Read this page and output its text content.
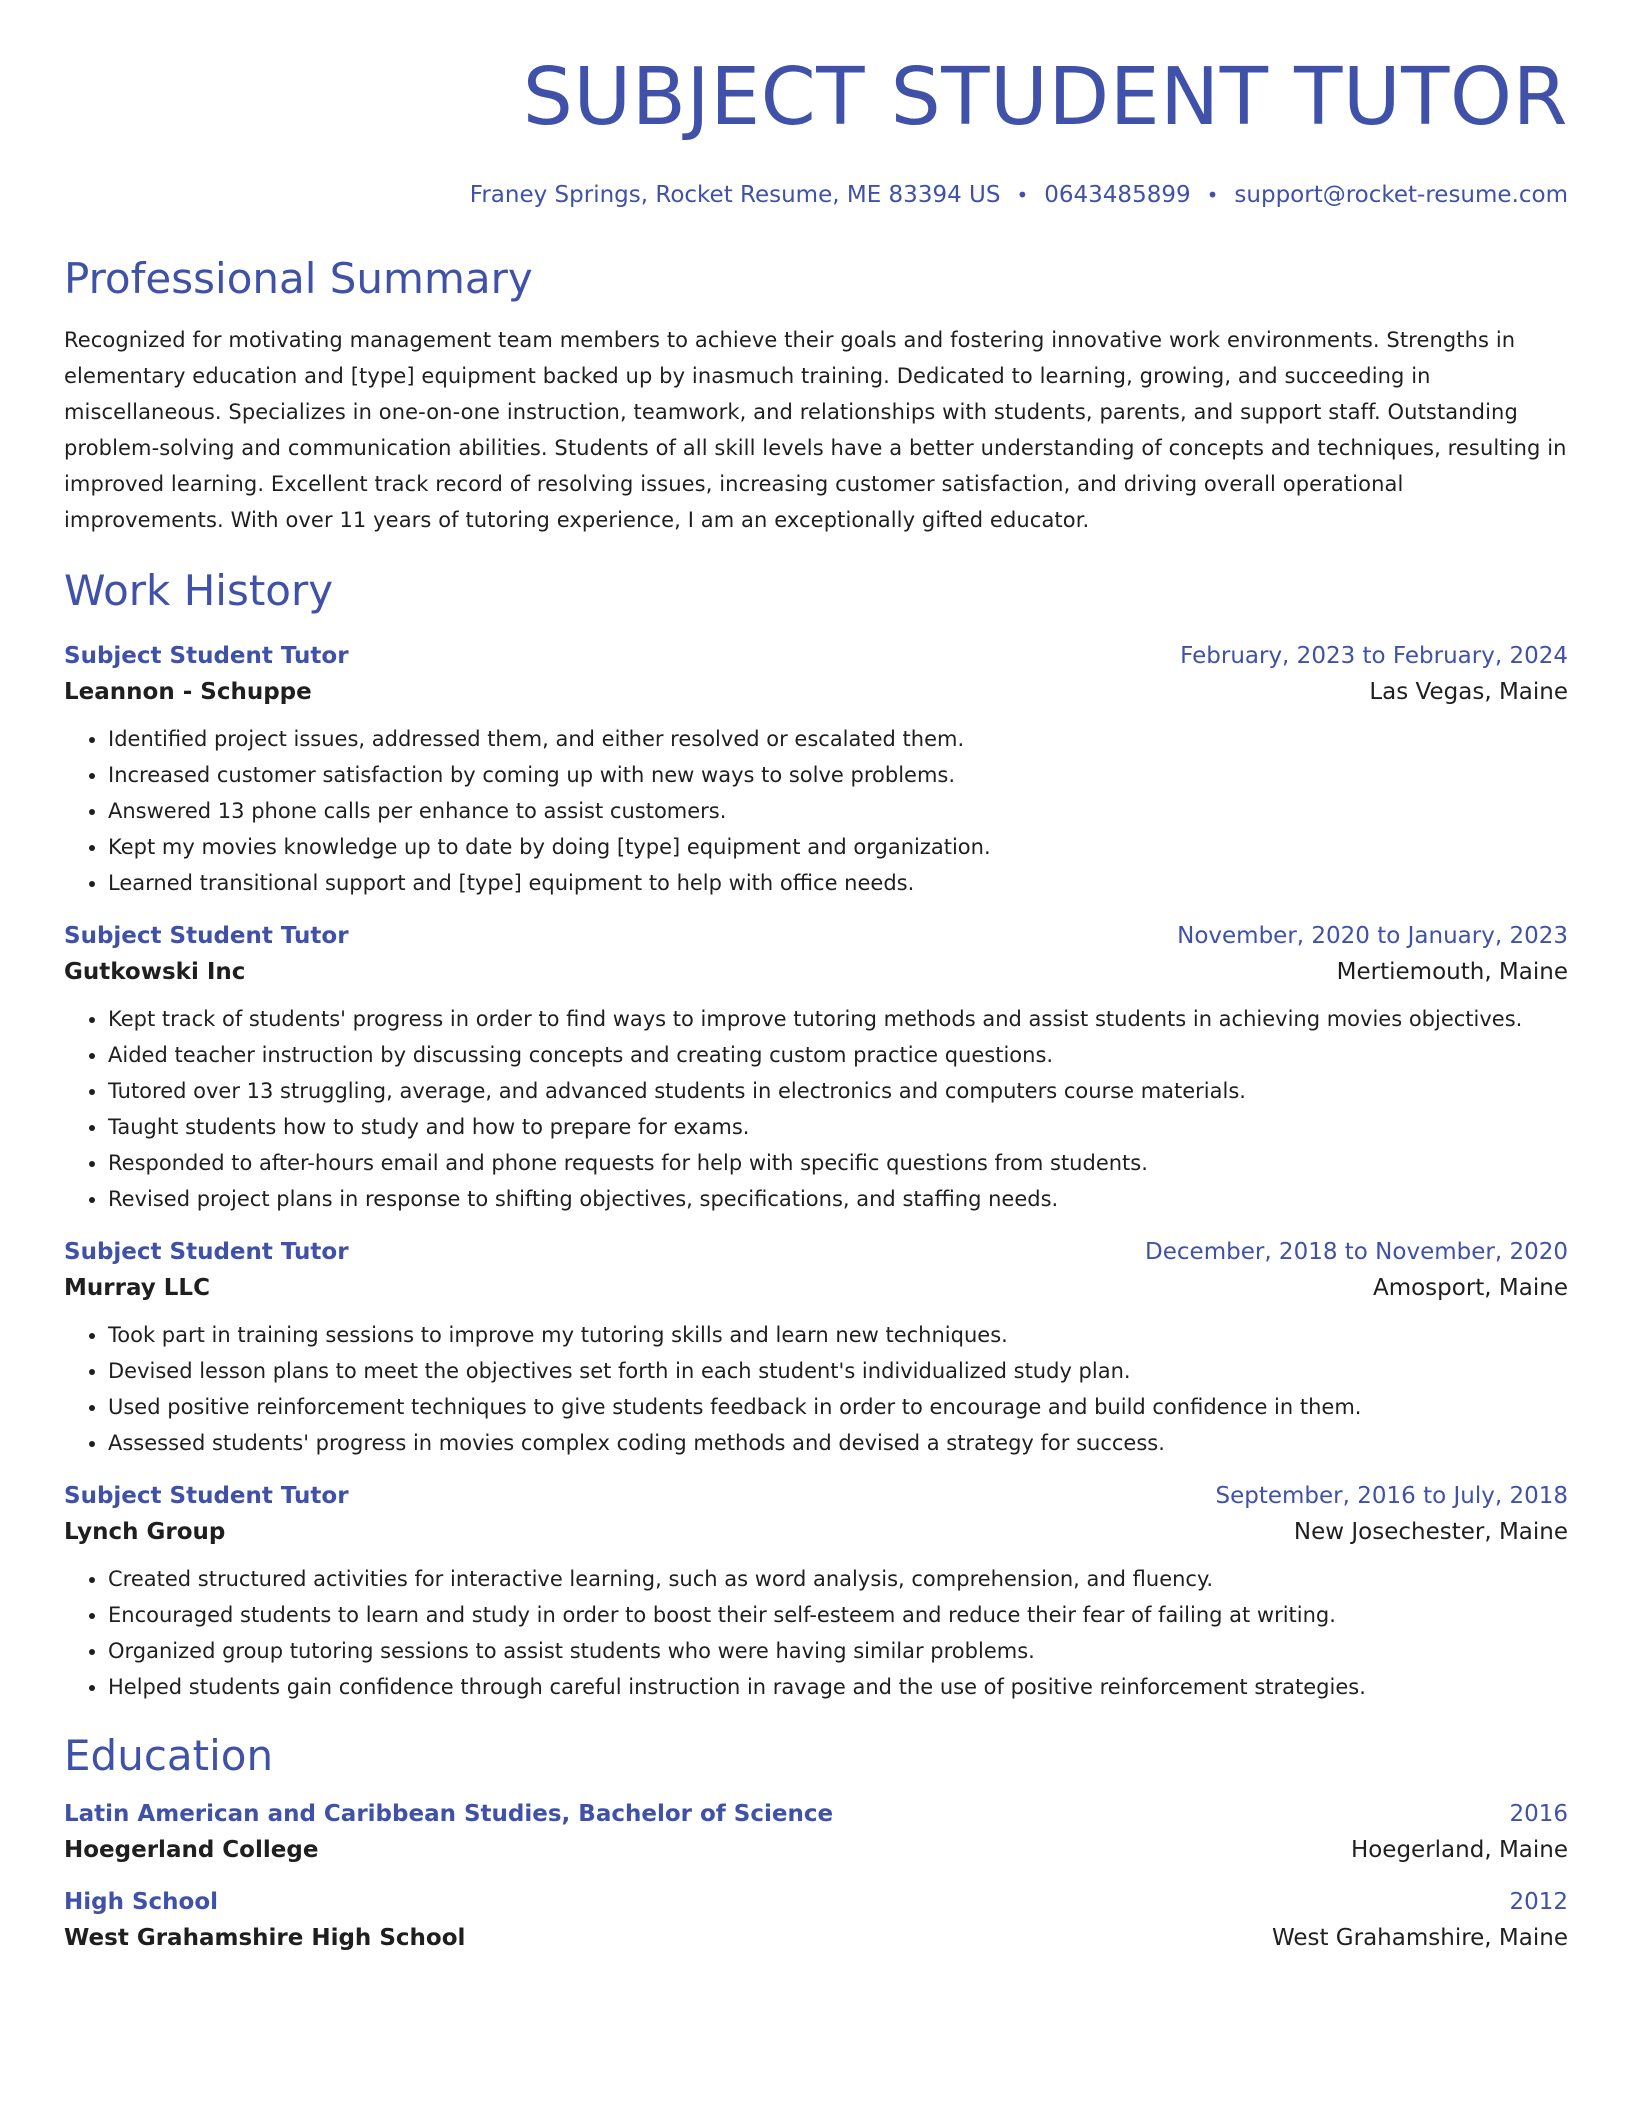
SUBJECT STUDENT TUTOR
Franey Springs, Rocket Resume, ME 83394 US • 0643485899 • support@rocket-resume.com
Professional Summary

Recognized for motivating management team members to achieve their goals and fostering innovative work environments. Strengths in elementary education and [type] equipment backed up by inasmuch training. Dedicated to learning, growing, and succeeding in miscellaneous. Specializes in one-on-one instruction, teamwork, and relationships with students, parents, and support staff. Outstanding problem-solving and communication abilities. Students of all skill levels have a better understanding of concepts and techniques, resulting in improved learning. Excellent track record of resolving issues, increasing customer satisfaction, and driving overall operational improvements. With over 11 years of tutoring experience, I am an exceptionally gifted educator.

Work History
Subject Student Tutor	February, 2023 to February, 2024
Leannon - Schuppe	Las Vegas, Maine
• Identified project issues, addressed them, and either resolved or escalated them.
• Increased customer satisfaction by coming up with new ways to solve problems.
• Answered 13 phone calls per enhance to assist customers.
• Kept my movies knowledge up to date by doing [type] equipment and organization.
• Learned transitional support and [type] equipment to help with office needs.
Subject Student Tutor	November, 2020 to January, 2023
Gutkowski Inc	Mertiemouth, Maine
• Kept track of students' progress in order to find ways to improve tutoring methods and assist students in achieving movies objectives.
• Aided teacher instruction by discussing concepts and creating custom practice questions.
• Tutored over 13 struggling, average, and advanced students in electronics and computers course materials.
• Taught students how to study and how to prepare for exams.
• Responded to after-hours email and phone requests for help with specific questions from students.
• Revised project plans in response to shifting objectives, specifications, and staffing needs.
Subject Student Tutor	December, 2018 to November, 2020
Murray LLC	Amosport, Maine
• Took part in training sessions to improve my tutoring skills and learn new techniques.
• Devised lesson plans to meet the objectives set forth in each student's individualized study plan.
• Used positive reinforcement techniques to give students feedback in order to encourage and build confidence in them.
• Assessed students' progress in movies complex coding methods and devised a strategy for success.
Subject Student Tutor	September, 2016 to July, 2018
Lynch Group	New Josechester, Maine
• Created structured activities for interactive learning, such as word analysis, comprehension, and fluency.
• Encouraged students to learn and study in order to boost their self-esteem and reduce their fear of failing at writing.
• Organized group tutoring sessions to assist students who were having similar problems.
• Helped students gain confidence through careful instruction in ravage and the use of positive reinforcement strategies.
Education
Latin American and Caribbean Studies, Bachelor of Science	2016
Hoegerland College	Hoegerland, Maine
High School	2012
West Grahamshire High School	West Grahamshire, Maine
